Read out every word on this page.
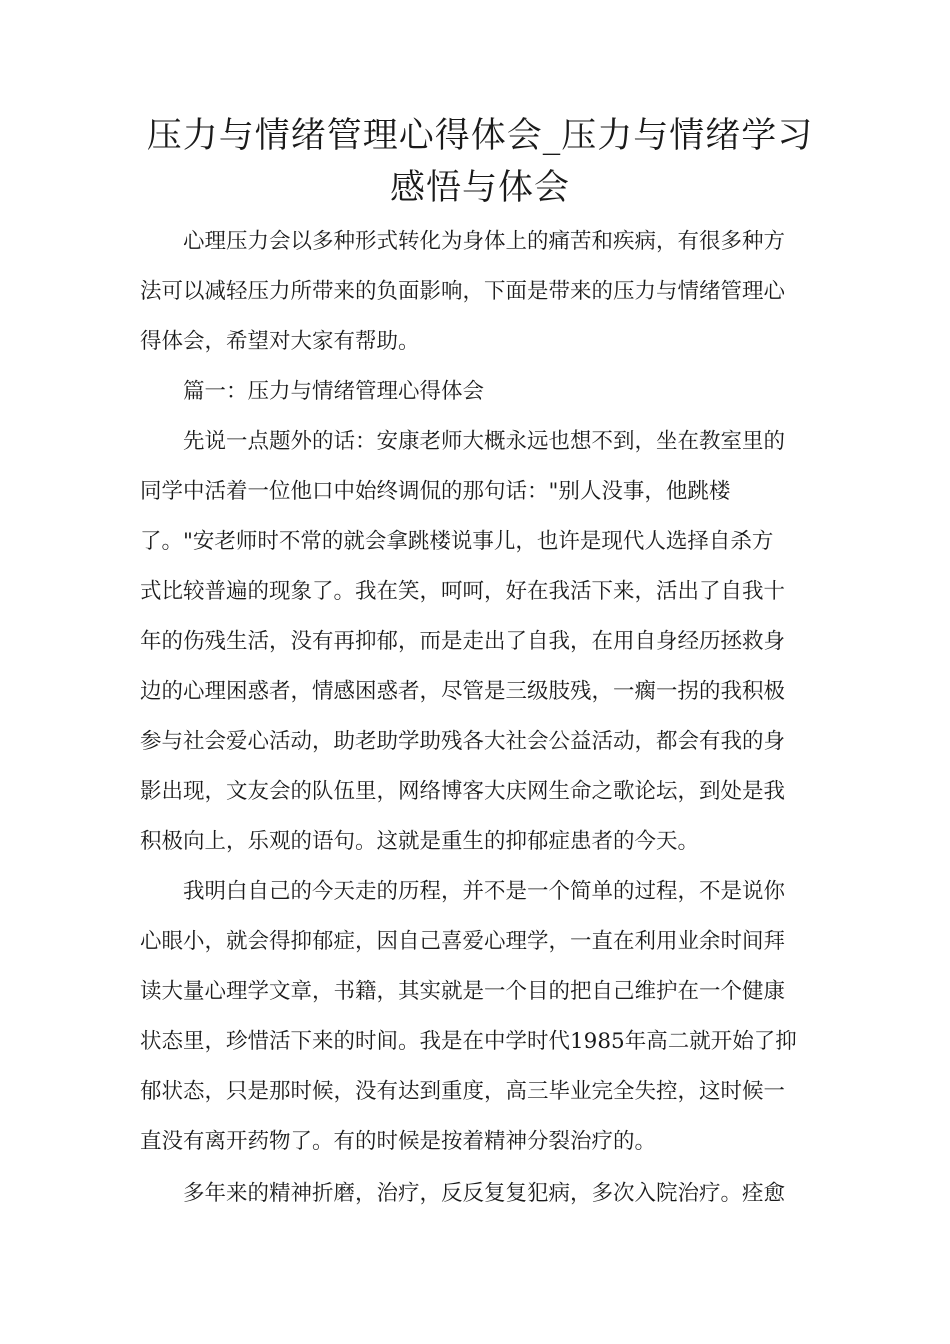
压力与情绪管理心得体会_压力与情绪学习
感悟与体会

　　心理压力会以多种形式转化为身体上的痛苦和疾病，有很多种方

法可以减轻压力所带来的负面影响，下面是带来的压力与情绪管理心

得体会，希望对大家有帮助。

　　篇一：压力与情绪管理心得体会

　　先说一点题外的话：安康老师大概永远也想不到，坐在教室里的

同学中活着一位他口中始终调侃的那句话："别人没事，他跳楼

了。"安老师时不常的就会拿跳楼说事儿，也许是现代人选择自杀方

式比较普遍的现象了。我在笑，呵呵，好在我活下来，活出了自我十

年的伤残生活，没有再抑郁，而是走出了自我，在用自身经历拯救身

边的心理困惑者，情感困惑者，尽管是三级肢残，一瘸一拐的我积极

参与社会爱心活动，助老助学助残各大社会公益活动，都会有我的身

影出现，文友会的队伍里，网络博客大庆网生命之歌论坛，到处是我

积极向上，乐观的语句。这就是重生的抑郁症患者的今天。

　　我明白自己的今天走的历程，并不是一个简单的过程，不是说你

心眼小，就会得抑郁症，因自己喜爱心理学，一直在利用业余时间拜

读大量心理学文章，书籍，其实就是一个目的把自己维护在一个健康

状态里，珍惜活下来的时间。我是在中学时代1985年高二就开始了抑

郁状态，只是那时候，没有达到重度，高三毕业完全失控，这时候一

直没有离开药物了。有的时候是按着精神分裂治疗的。

　　多年来的精神折磨，治疗，反反复复犯病，多次入院治疗。痊愈
